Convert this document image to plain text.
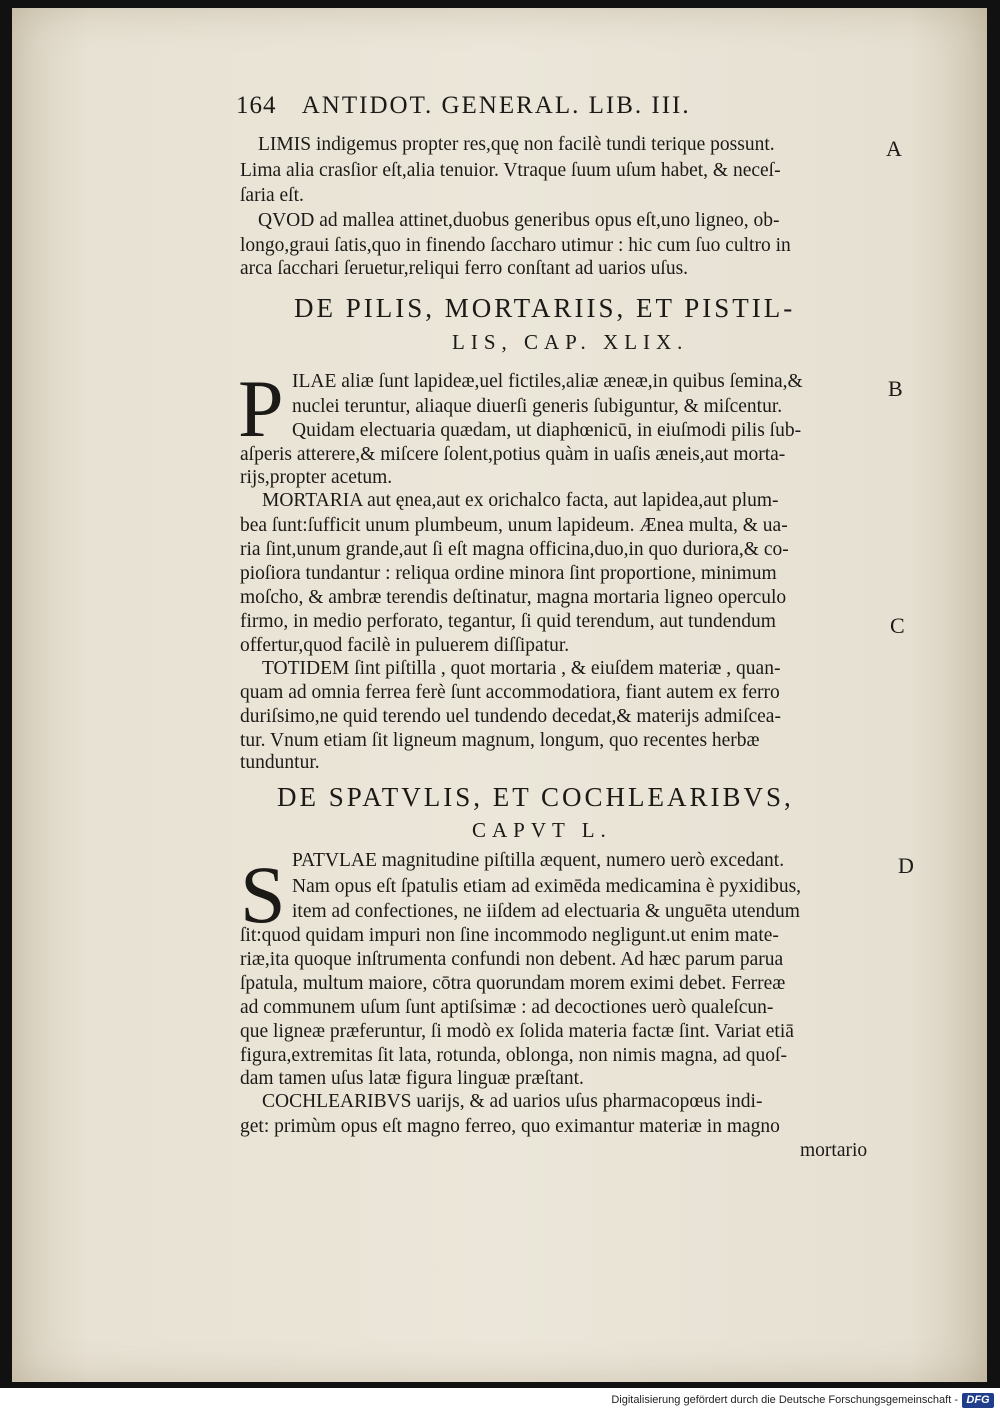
164 ANTIDOT. GENERAL. LIB. III.
LIMIS indigemus propter res,quę non facilè tundi terique possunt.
Lima alia crasſior eſt,alia tenuior. Vtraque ſuum uſum habet, & neceſ-
ſaria eſt.
QVOD ad mallea attinet,duobus generibus opus eſt,uno ligneo, ob-
longo,graui ſatis,quo in finendo ſaccharo utimur : hic cum ſuo cultro in
arca ſacchari ſeruetur,reliqui ferro conſtant ad uarios uſus.
DE PILIS, MORTARIIS, ET PISTIL-
LIS, CAP. XLIX.
P ILAE aliæ ſunt lapideæ,uel fictiles,aliæ æneæ,in quibus ſemina,&
nuclei teruntur, aliaque diuerſi generis ſubiguntur, & miſcentur.
Quidam electuaria quædam, ut diaphœnicū, in eiuſmodi pilis ſub-
aſperis atterere,& miſcere ſolent,potius quàm in uaſis æneis,aut morta-
rijs,propter acetum.
MORTARIA aut ęnea,aut ex orichalco facta, aut lapidea,aut plum-
bea ſunt:ſufficit unum plumbeum, unum lapideum. Ænea multa, & ua-
ria ſint,unum grande,aut ſi eſt magna officina,duo,in quo duriora,& co-
pioſiora tundantur : reliqua ordine minora ſint proportione, minimum
moſcho, & ambræ terendis deſtinatur, magna mortaria ligneo operculo
firmo, in medio perforato, tegantur, ſi quid terendum, aut tundendum
offertur,quod facilè in puluerem diſſipatur.
TOTIDEM ſint piſtilla , quot mortaria , & eiuſdem materiæ , quan-
quam ad omnia ferrea ferè ſunt accommodatiora, fiant autem ex ferro
duriſsimo,ne quid terendo uel tundendo decedat,& materijs admiſcea-
tur. Vnum etiam ſit ligneum magnum, longum, quo recentes herbæ
tunduntur.
DE SPATVLIS, ET COCHLEARIBVS,
CAPVT L.
S PATVLAE magnitudine piſtilla æquent, numero uerò excedant.
Nam opus eſt ſpatulis etiam ad eximēda medicamina è pyxidibus,
item ad confectiones, ne iiſdem ad electuaria & unguēta utendum
ſit:quod quidam impuri non ſine incommodo negligunt.ut enim mate-
riæ,ita quoque inſtrumenta confundi non debent. Ad hæc parum parua
ſpatula, multum maiore, cōtra quorundam morem eximi debet. Ferreæ
ad communem uſum ſunt aptiſsimæ : ad decoctiones uerò qualeſcun-
que ligneæ præferuntur, ſi modò ex ſolida materia factæ ſint. Variat etiā
figura,extremitas ſit lata, rotunda, oblonga, non nimis magna, ad quoſ-
dam tamen uſus latæ figura linguæ præſtant.
COCHLEARIBVS uarijs, & ad uarios uſus pharmacopœus indi-
get: primùm opus eſt magno ferreo, quo eximantur materiæ in magno
mortario
A
B
C
D
Digitalisierung gefördert durch die Deutsche Forschungsgemeinschaft - DFG
